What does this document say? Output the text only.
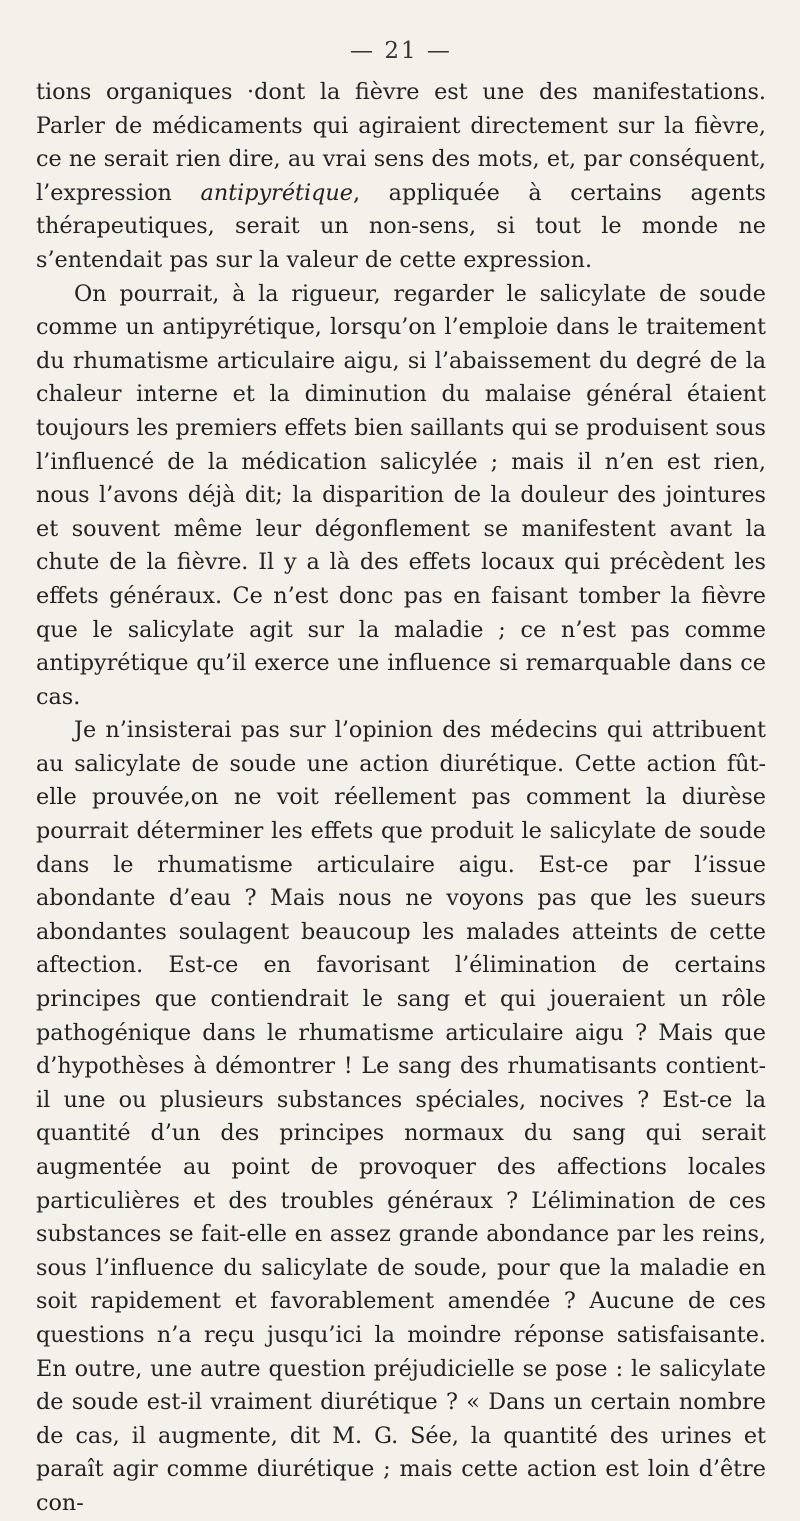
— 21 —

tions organiques ·dont la fièvre est une des manifestations. Parler de médicaments qui agiraient directement sur la fièvre, ce ne serait rien dire, au vrai sens des mots, et, par conséquent, l’expression antipyrétique, appliquée à certains agents thérapeutiques, serait un non-sens, si tout le monde ne s’entendait pas sur la valeur de cette expression.

On pourrait, à la rigueur, regarder le salicylate de soude comme un antipyrétique, lorsqu’on l’emploie dans le traitement du rhumatisme articulaire aigu, si l’abaissement du degré de la chaleur interne et la diminution du malaise général étaient toujours les premiers effets bien saillants qui se produisent sous l’influencé de la médication salicylée ; mais il n’en est rien, nous l’avons déjà dit; la disparition de la douleur des jointures et souvent même leur dégonflement se manifestent avant la chute de la fièvre. Il y a là des effets locaux qui précèdent les effets généraux. Ce n’est donc pas en faisant tomber la fièvre que le salicylate agit sur la maladie ; ce n’est pas comme antipyrétique qu’il exerce une influence si remarquable dans ce cas.

Je n’insisterai pas sur l’opinion des médecins qui attribuent au salicylate de soude une action diurétique. Cette action fût-elle prouvée,on ne voit réellement pas comment la diurèse pourrait déterminer les effets que produit le salicylate de soude dans le rhumatisme articulaire aigu. Est-ce par l’issue abondante d’eau ? Mais nous ne voyons pas que les sueurs abondantes soulagent beaucoup les malades atteints de cette aftection. Est-ce en favorisant l’élimination de certains principes que contiendrait le sang et qui joueraient un rôle pathogénique dans le rhumatisme articulaire aigu ? Mais que d’hypothèses à démontrer ! Le sang des rhumatisants contient-il une ou plusieurs substances spéciales, nocives ? Est-ce la quantité d’un des principes normaux du sang qui serait augmentée au point de provoquer des affections locales particulières et des troubles généraux ? L’élimination de ces substances se fait-elle en assez grande abondance par les reins, sous l’influence du salicylate de soude, pour que la maladie en soit rapidement et favorablement amendée ? Aucune de ces questions n’a reçu jusqu’ici la moindre réponse satisfaisante. En outre, une autre question préjudicielle se pose : le salicylate de soude est-il vraiment diurétique ? « Dans un certain nombre de cas, il augmente, dit M. G. Sée, la quantité des urines et paraît agir comme diurétique ; mais cette action est loin d’être con-
